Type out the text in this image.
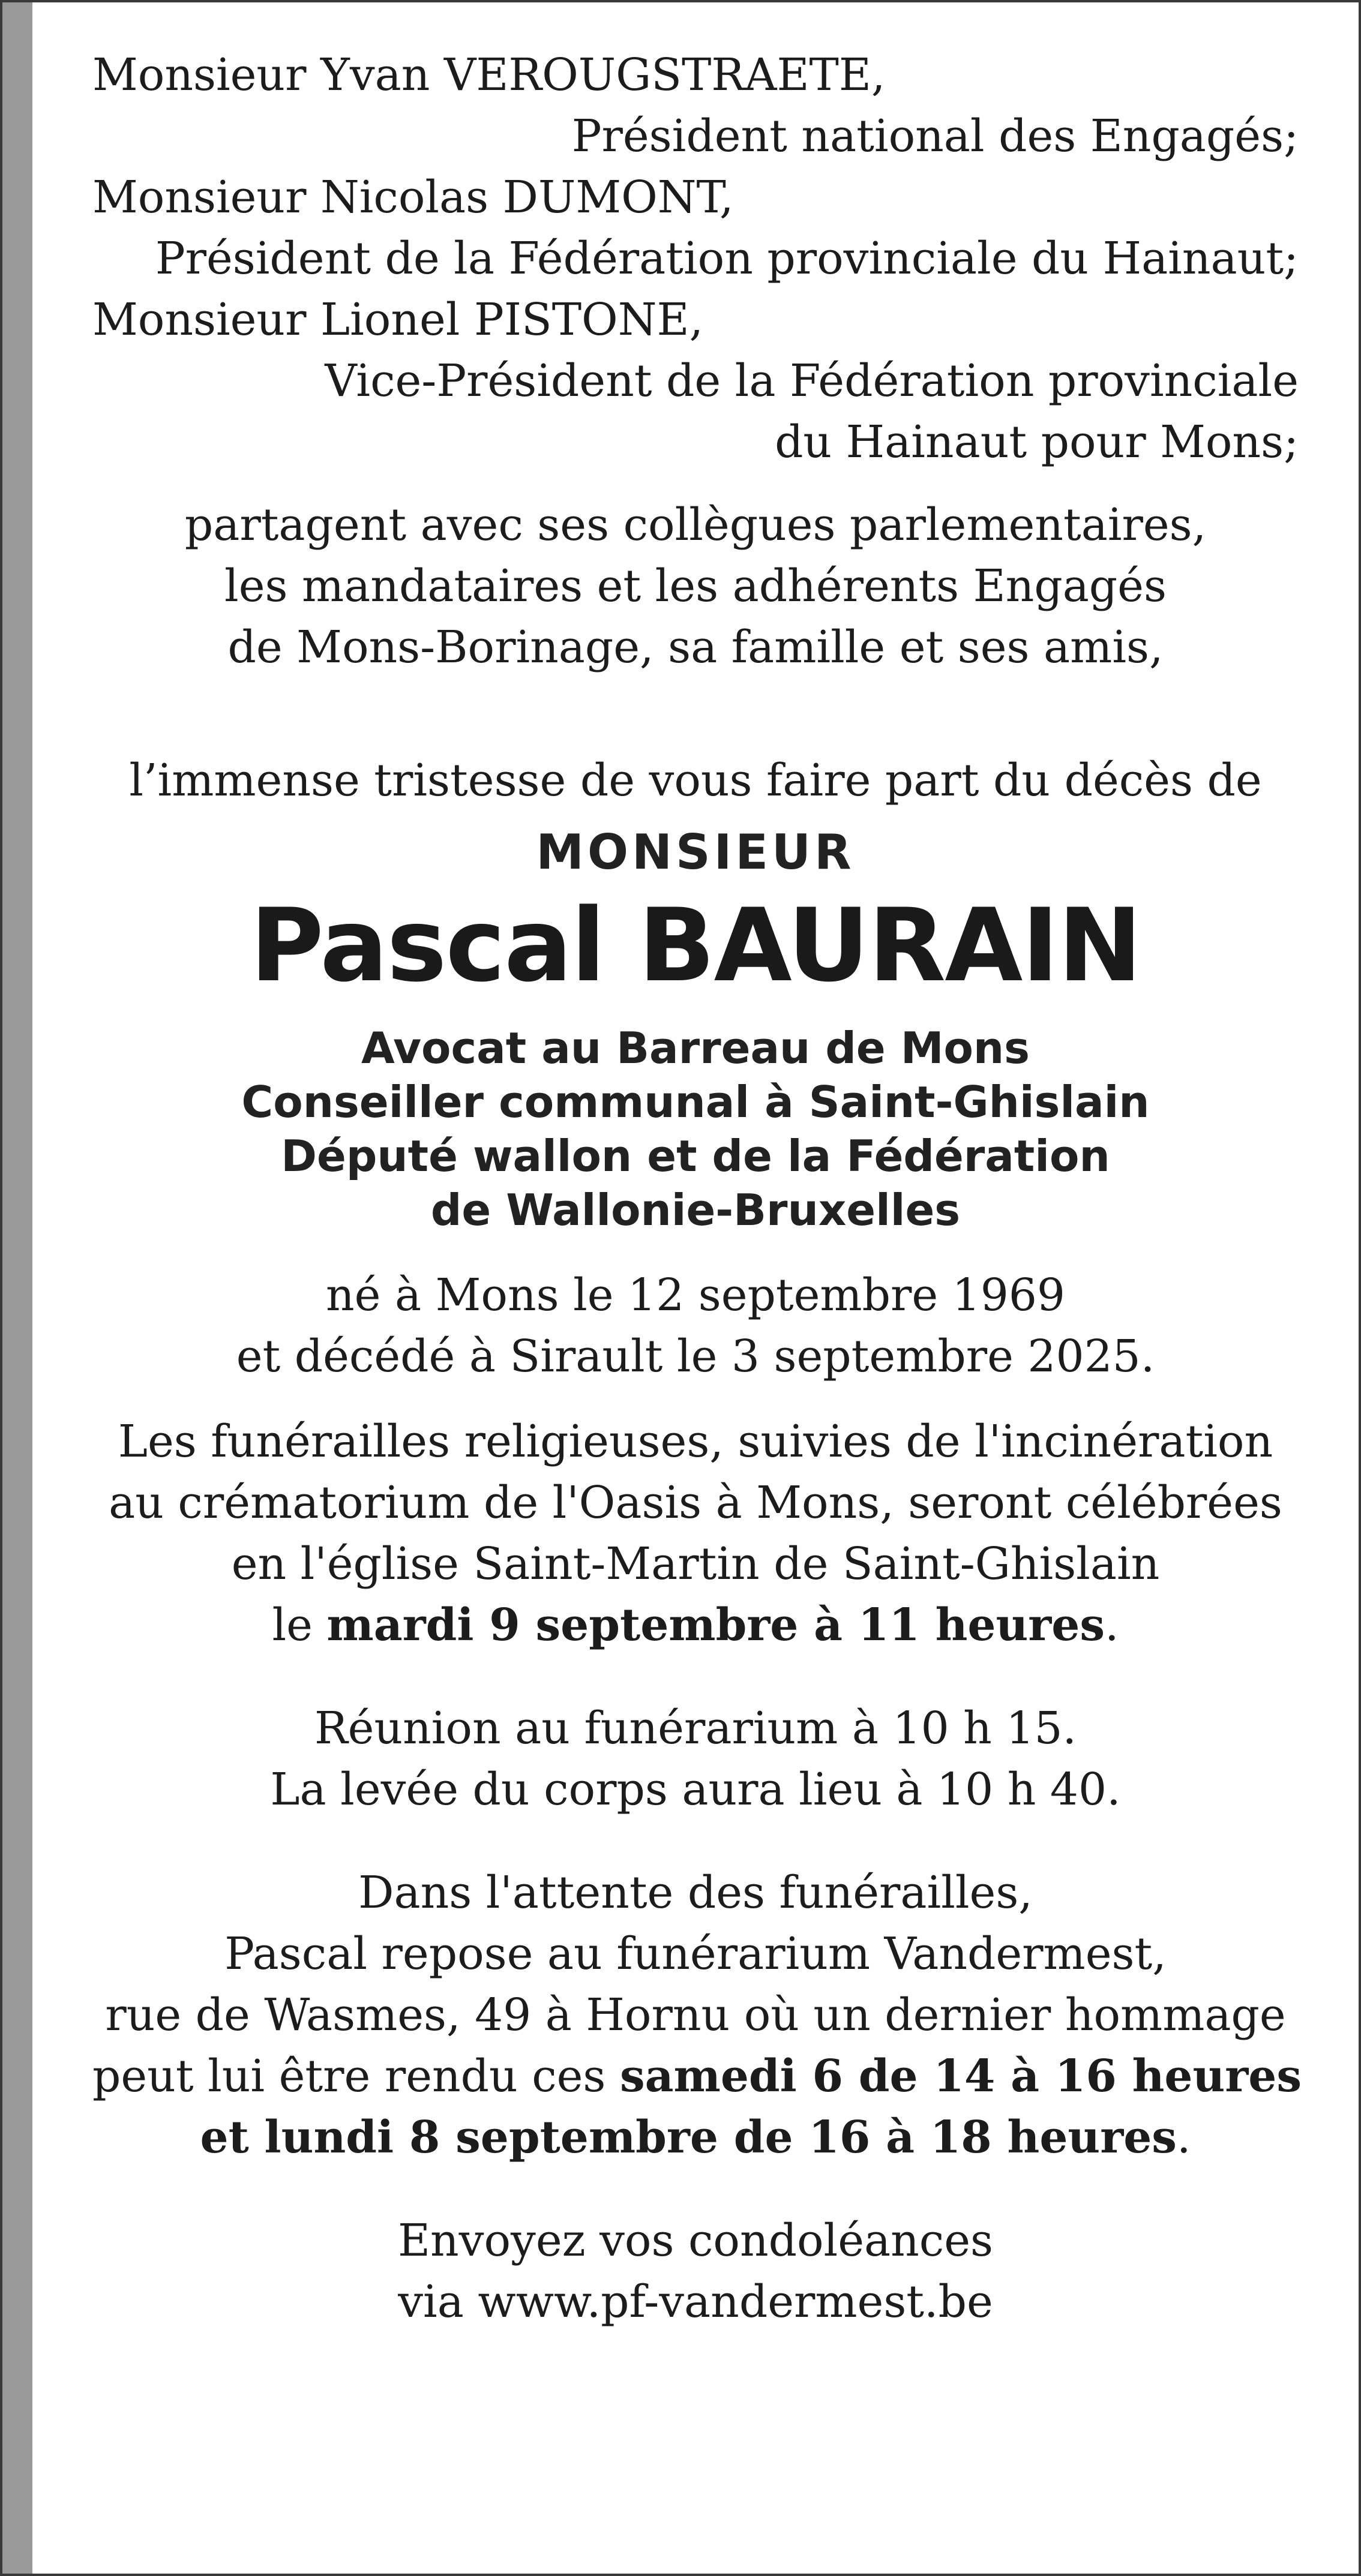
Monsieur Yvan VEROUGSTRAETE,
Président national des Engagés;
Monsieur Nicolas DUMONT,
Président de la Fédération provinciale du Hainaut;
Monsieur Lionel PISTONE,
Vice-Président de la Fédération provinciale
du Hainaut pour Mons;
partagent avec ses collègues parlementaires,
les mandataires et les adhérents Engagés
de Mons-Borinage, sa famille et ses amis,
l’immense tristesse de vous faire part du décès de
MONSIEUR
Pascal BAURAIN
Avocat au Barreau de Mons
Conseiller communal à Saint-Ghislain
Député wallon et de la Fédération
de Wallonie-Bruxelles
né à Mons le 12 septembre 1969
et décédé à Sirault le 3 septembre 2025.
Les funérailles religieuses, suivies de l'incinération
au crématorium de l'Oasis à Mons, seront célébrées
en l'église Saint-Martin de Saint-Ghislain
le mardi 9 septembre à 11 heures.
Réunion au funérarium à 10 h 15.
La levée du corps aura lieu à 10 h 40.
Dans l'attente des funérailles,
Pascal repose au funérarium Vandermest,
rue de Wasmes, 49 à Hornu où un dernier hommage
peut lui être rendu ces samedi 6 de 14 à 16 heures
et lundi 8 septembre de 16 à 18 heures.
Envoyez vos condoléances
via www.pf-vandermest.be
